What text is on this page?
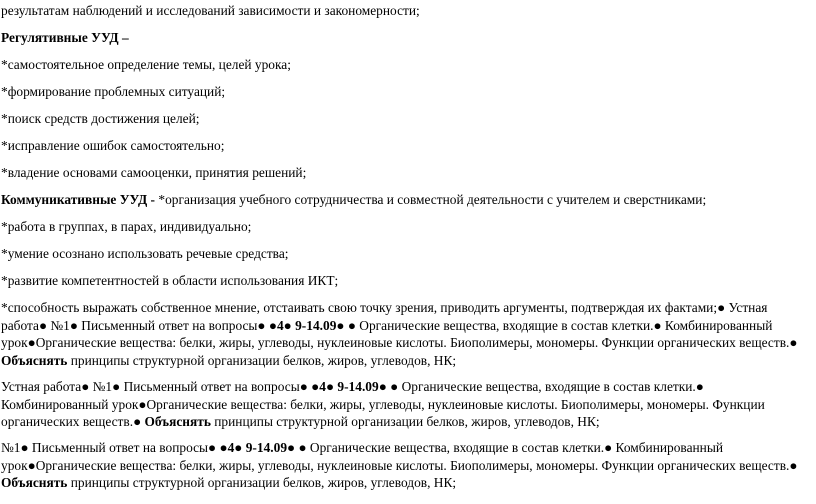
результатам наблюдений и исследований зависимости и закономерности;
Регулятивные УУД –
*самостоятельное определение темы, целей урока;
*формирование проблемных ситуаций;
*поиск средств достижения целей;
*исправление ошибок самостоятельно;
*владение основами самооценки, принятия решений;
Коммуникативные УУД - *организация учебного сотрудничества и совместной деятельности с учителем и сверстниками;
*работа в группах, в парах, индивидуально;
*умение осознано использовать речевые средства;
*развитие компетентностей в области использования ИКТ;
*способность выражать собственное мнение, отстаивать свою точку зрения, приводить аргументы, подтверждая их фактами;● Устная работа● №1● Письменный ответ на вопросы● ●4● 9-14.09● ● Органические вещества, входящие в состав клетки.● Комбинированный урок●Органические вещества: белки, жиры, углеводы, нуклеиновые кислоты. Биополимеры, мономеры. Функции органических веществ.● Объяснять принципы структурной организации белков, жиров, углеводов, НК;
Устная работа● №1● Письменный ответ на вопросы● ●4● 9-14.09● ● Органические вещества, входящие в состав клетки.● Комбинированный урок●Органические вещества: белки, жиры, углеводы, нуклеиновые кислоты. Биополимеры, мономеры. Функции органических веществ.● Объяснять принципы структурной организации белков, жиров, углеводов, НК;
№1● Письменный ответ на вопросы● ●4● 9-14.09● ● Органические вещества, входящие в состав клетки.● Комбинированный урок●Органические вещества: белки, жиры, углеводы, нуклеиновые кислоты. Биополимеры, мономеры. Функции органических веществ.● Объяснять принципы структурной организации белков, жиров, углеводов, НК;
